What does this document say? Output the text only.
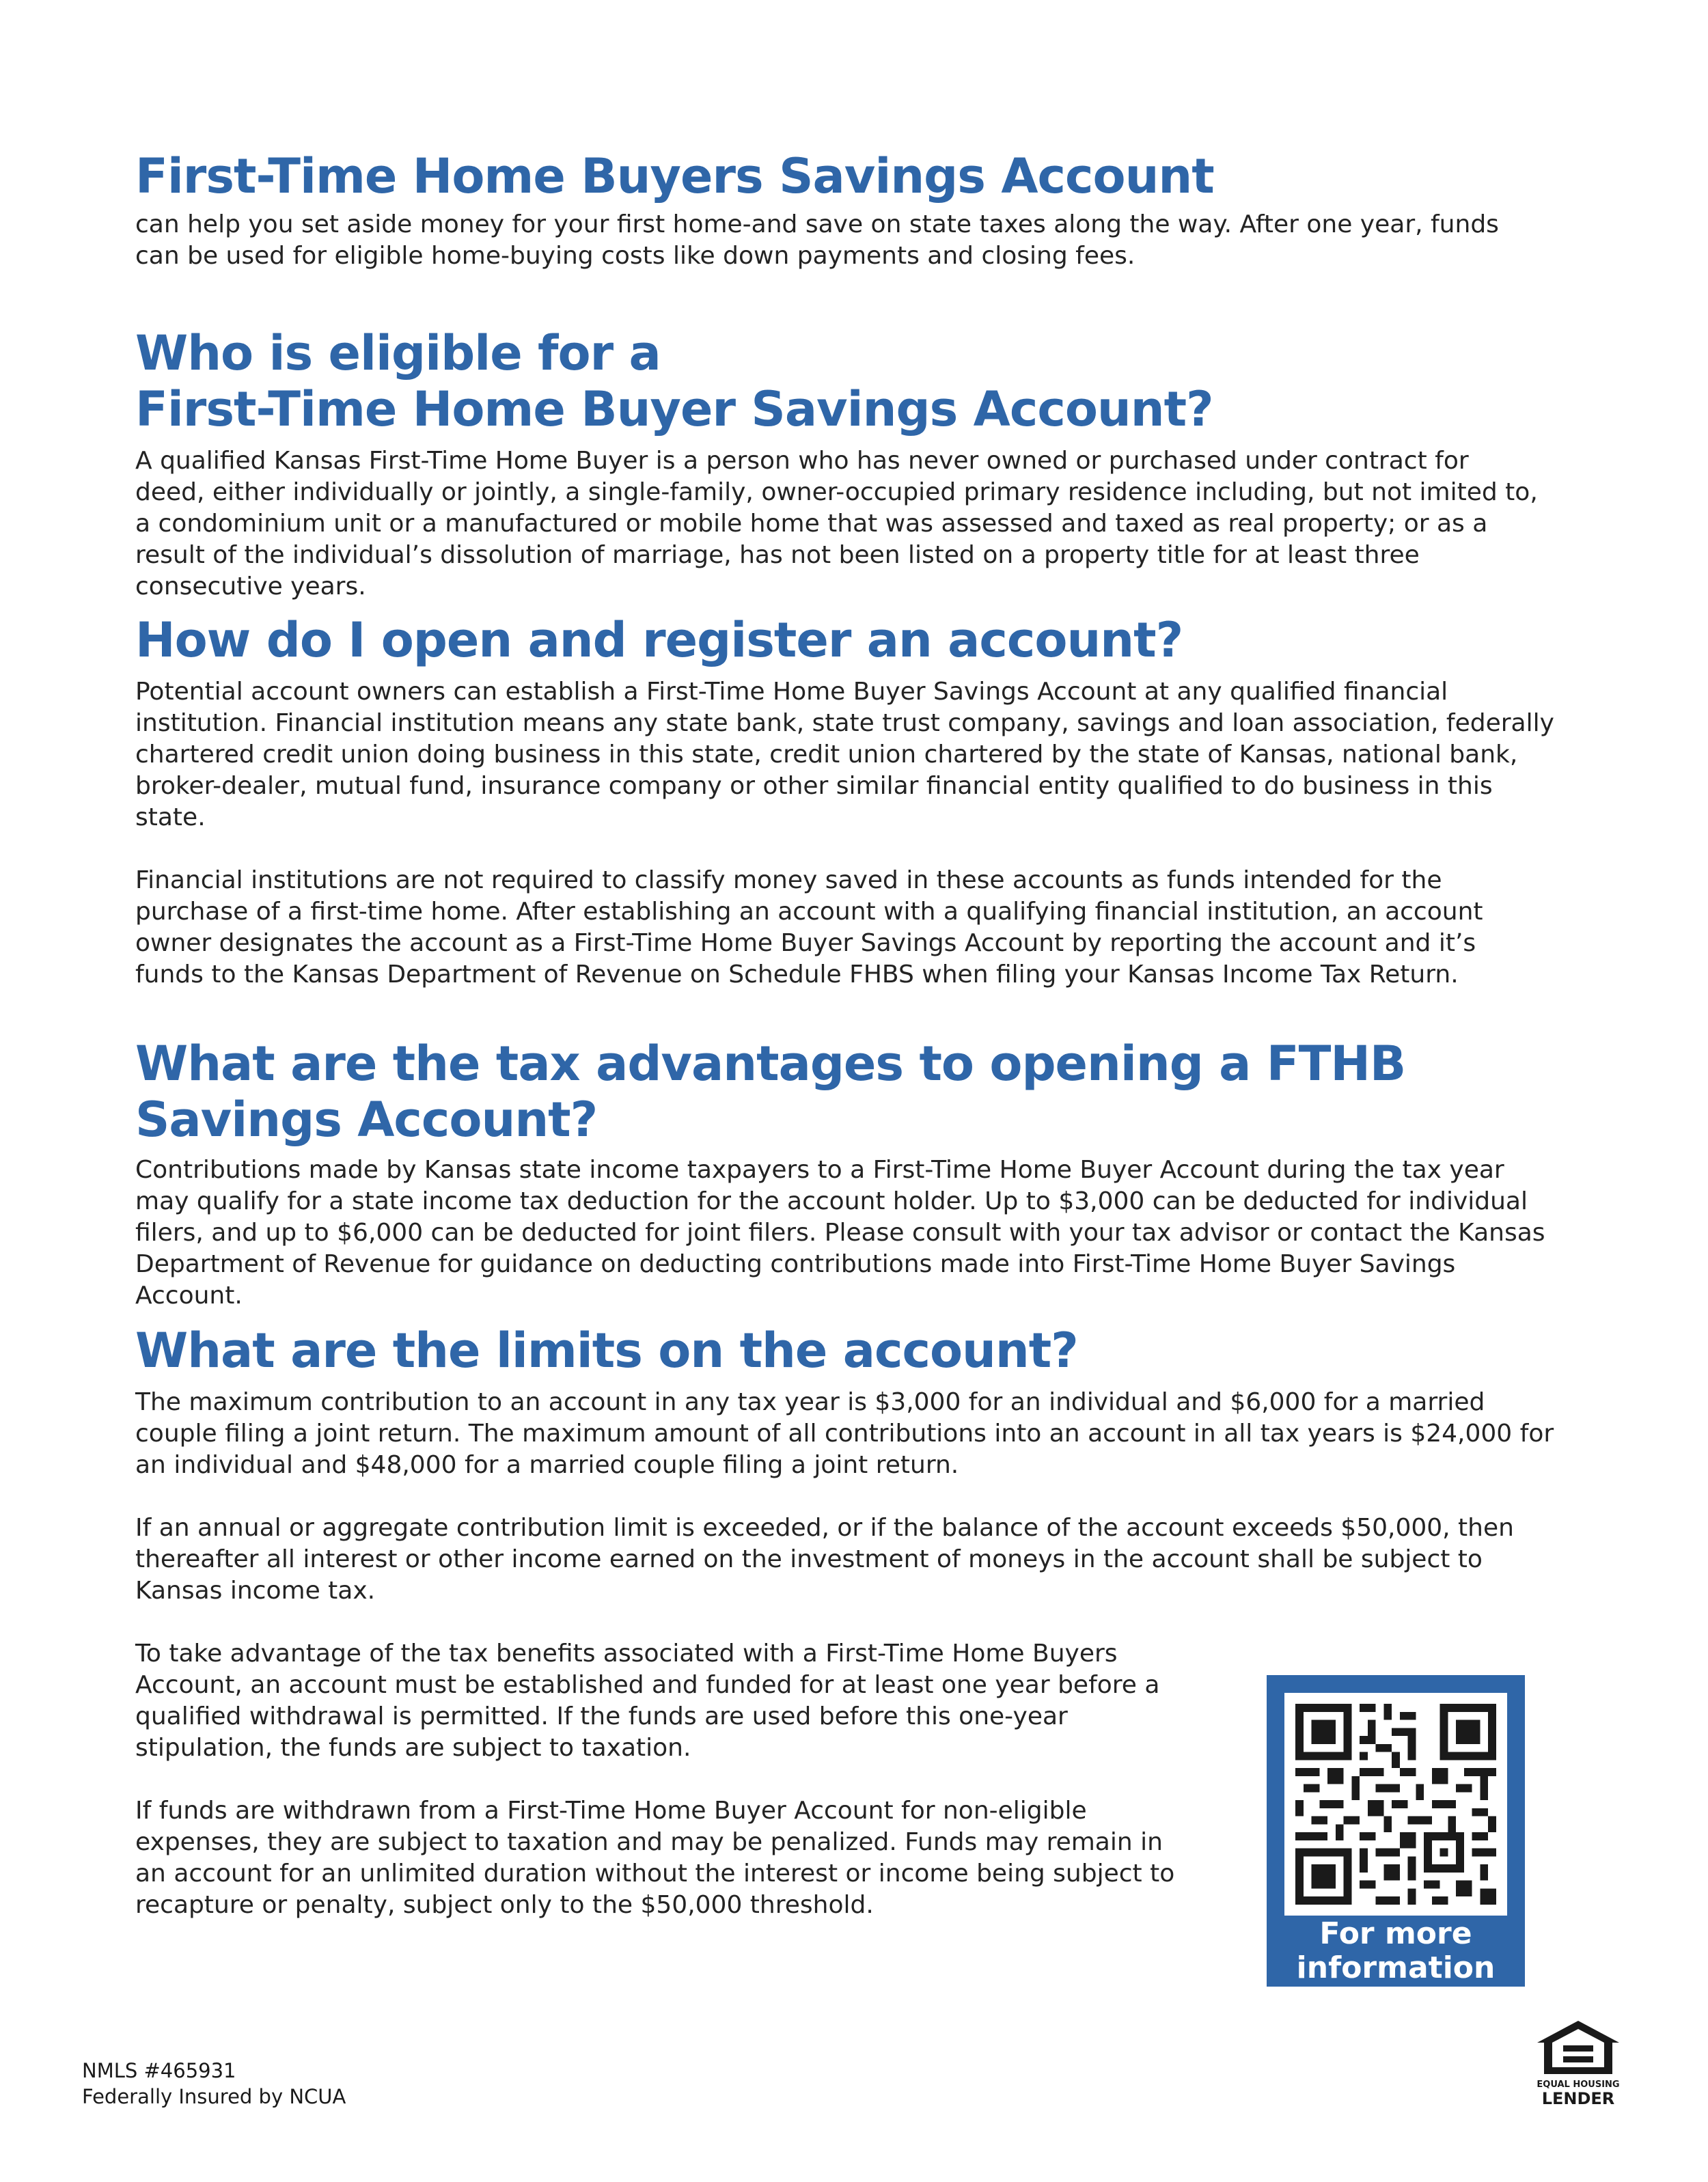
First-Time Home Buyers Savings Account

can help you set aside money for your first home-and save on state taxes along the way. After one year, funds
can be used for eligible home-buying costs like down payments and closing fees.

Who is eligible for a
First-Time Home Buyer Savings Account?

A qualified Kansas First-Time Home Buyer is a person who has never owned or purchased under contract for
deed, either individually or jointly, a single-family, owner-occupied primary residence including, but not imited to,
a condominium unit or a manufactured or mobile home that was assessed and taxed as real property; or as a
result of the individual’s dissolution of marriage, has not been listed on a property title for at least three
consecutive years.

How do I open and register an account?

Potential account owners can establish a First-Time Home Buyer Savings Account at any qualified financial
institution. Financial institution means any state bank, state trust company, savings and loan association, federally
chartered credit union doing business in this state, credit union chartered by the state of Kansas, national bank,
broker-dealer, mutual fund, insurance company or other similar financial entity qualified to do business in this
state.

Financial institutions are not required to classify money saved in these accounts as funds intended for the
purchase of a first-time home. After establishing an account with a qualifying financial institution, an account
owner designates the account as a First-Time Home Buyer Savings Account by reporting the account and it’s
funds to the Kansas Department of Revenue on Schedule FHBS when filing your Kansas Income Tax Return.

What are the tax advantages to opening a FTHB
Savings Account?

Contributions made by Kansas state income taxpayers to a First-Time Home Buyer Account during the tax year
may qualify for a state income tax deduction for the account holder. Up to $3,000 can be deducted for individual
filers, and up to $6,000 can be deducted for joint filers. Please consult with your tax advisor or contact the Kansas
Department of Revenue for guidance on deducting contributions made into First-Time Home Buyer Savings
Account.

What are the limits on the account?

The maximum contribution to an account in any tax year is $3,000 for an individual and $6,000 for a married
couple filing a joint return. The maximum amount of all contributions into an account in all tax years is $24,000 for
an individual and $48,000 for a married couple filing a joint return.

If an annual or aggregate contribution limit is exceeded, or if the balance of the account exceeds $50,000, then
thereafter all interest or other income earned on the investment of moneys in the account shall be subject to
Kansas income tax.

To take advantage of the tax benefits associated with a First-Time Home Buyers
Account, an account must be established and funded for at least one year before a
qualified withdrawal is permitted. If the funds are used before this one-year
stipulation, the funds are subject to taxation.

If funds are withdrawn from a First-Time Home Buyer Account for non-eligible
expenses, they are subject to taxation and may be penalized. Funds may remain in
an account for an unlimited duration without the interest or income being subject to
recapture or penalty, subject only to the $50,000 threshold.

For more
information
NMLS #465931
Federally Insured by NCUA
EQUAL HOUSING
LENDER
